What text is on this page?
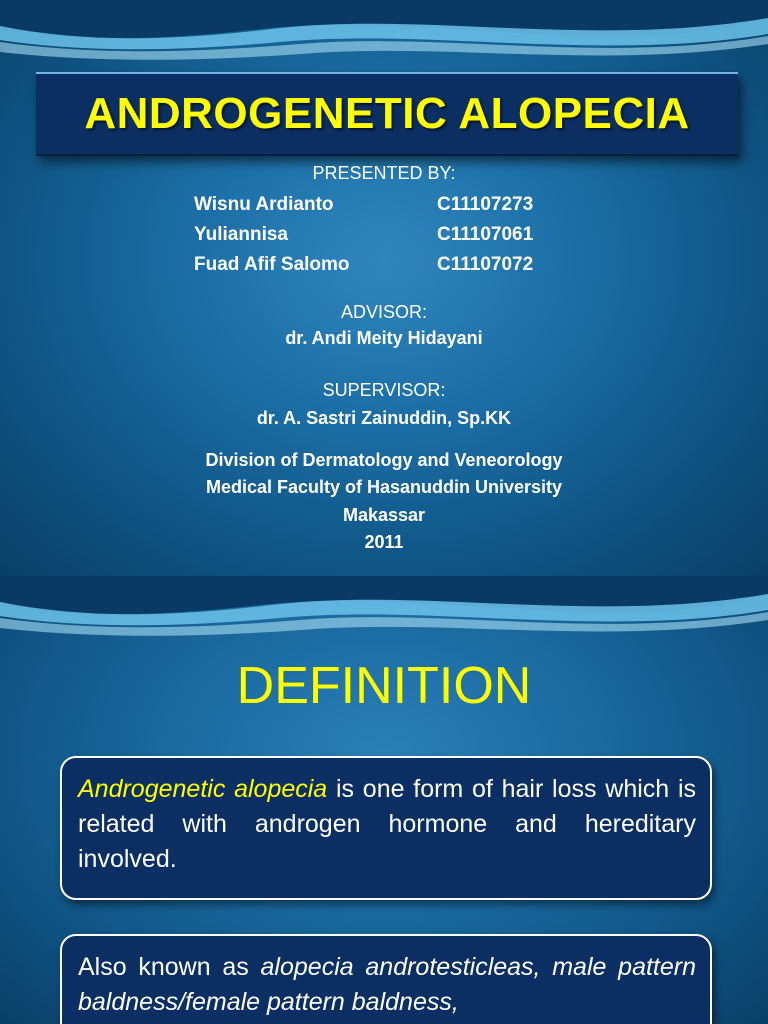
ANDROGENETIC ALOPECIA
PRESENTED BY:
Wisnu Ardianto	C11107273
Yuliannisa	C11107061
Fuad Afif Salomo	C11107072
ADVISOR:
dr. Andi Meity Hidayani
SUPERVISOR:
dr. A. Sastri Zainuddin, Sp.KK
Division of Dermatology and Veneorology
Medical Faculty of Hasanuddin University
Makassar
2011
DEFINITION
Androgenetic alopecia is one form of hair loss which is related with androgen hormone and hereditary involved.
Also known as alopecia androtesticleas, male pattern baldness/female pattern baldness,
